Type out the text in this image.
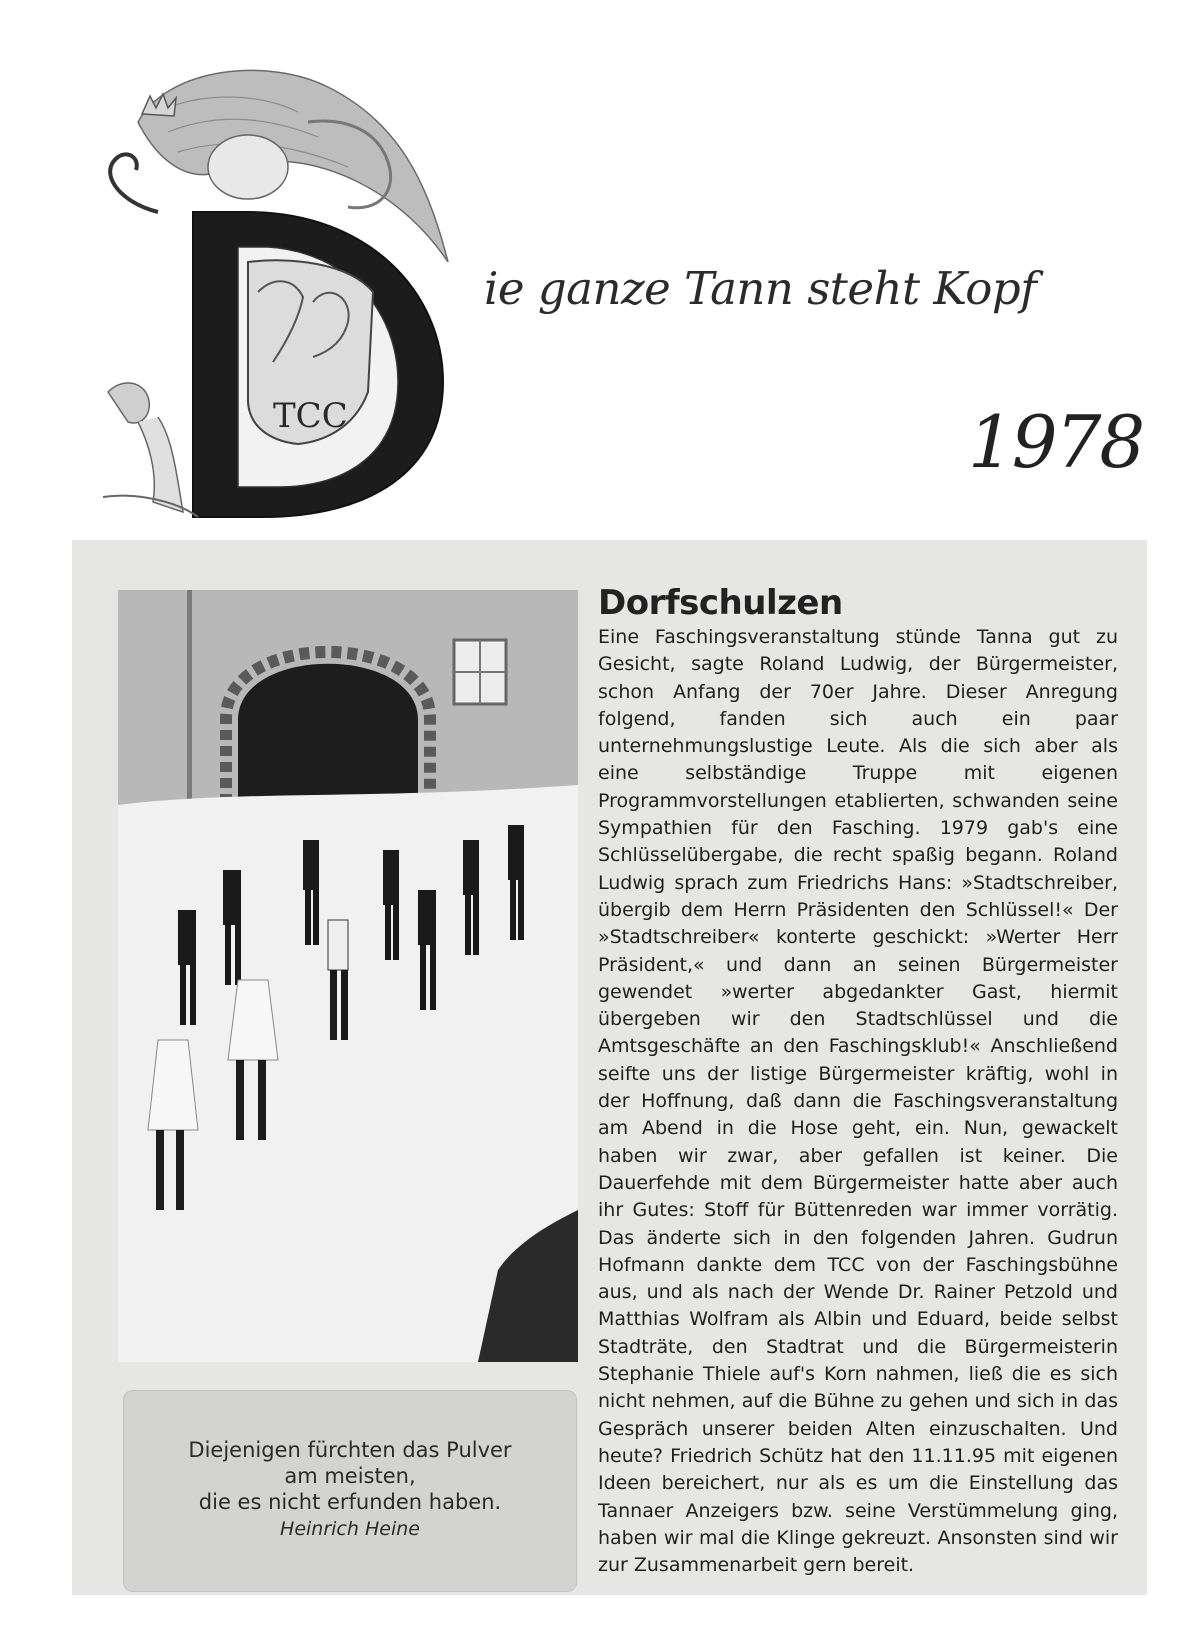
TCC
ie ganze Tann steht Kopf
1978
Diejenigen fürchten das Pulver
am meisten,
die es nicht erfunden haben.
Heinrich Heine
Dorfschulzen

Eine Faschingsveranstaltung stünde Tanna gut zu Gesicht, sagte Roland Ludwig, der Bürgermeister, schon Anfang der 70er Jahre. Dieser Anregung folgend, fanden sich auch ein paar unternehmungslustige Leute. Als die sich aber als eine selbständige Truppe mit eigenen Programmvorstellungen etablierten, schwanden seine Sympathien für den Fasching. 1979 gab's eine Schlüsselübergabe, die recht spaßig begann. Roland Ludwig sprach zum Friedrichs Hans: »Stadtschreiber, übergib dem Herrn Präsidenten den Schlüssel!« Der »Stadtschreiber« konterte geschickt: »Werter Herr Präsident,« und dann an seinen Bürgermeister gewendet »werter abgedankter Gast, hiermit übergeben wir den Stadtschlüssel und die Amtsgeschäfte an den Faschingsklub!« Anschließend seifte uns der listige Bürgermeister kräftig, wohl in der Hoffnung, daß dann die Faschingsveranstaltung am Abend in die Hose geht, ein. Nun, gewackelt haben wir zwar, aber gefallen ist keiner. Die Dauerfehde mit dem Bürgermeister hatte aber auch ihr Gutes: Stoff für Büttenreden war immer vorrätig. Das änderte sich in den folgenden Jahren. Gudrun Hofmann dankte dem TCC von der Faschingsbühne aus, und als nach der Wende Dr. Rainer Petzold und Matthias Wolfram als Albin und Eduard, beide selbst Stadträte, den Stadtrat und die Bürgermeisterin Stephanie Thiele auf's Korn nahmen, ließ die es sich nicht nehmen, auf die Bühne zu gehen und sich in das Gespräch unserer beiden Alten einzuschalten. Und heute? Friedrich Schütz hat den 11.11.95 mit eigenen Ideen bereichert, nur als es um die Einstellung das Tannaer Anzeigers bzw. seine Verstümmelung ging, haben wir mal die Klinge gekreuzt. Ansonsten sind wir zur Zusammenarbeit gern bereit.
